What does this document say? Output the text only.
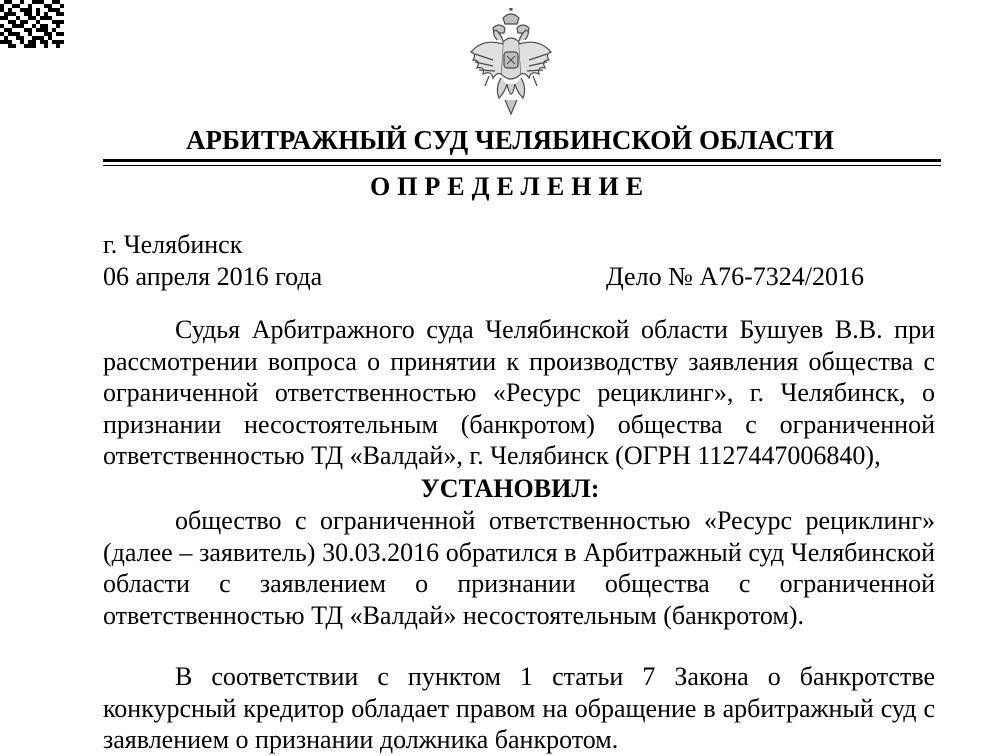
АРБИТРАЖНЫЙ СУД ЧЕЛЯБИНСКОЙ ОБЛАСТИ
ОПРЕДЕЛЕНИЕ
г. Челябинск
06 апреля 2016 года	Дело № А76-7324/2016

Судья Арбитражного суда Челябинской области Бушуев В.В. при рассмотрении вопроса о принятии к производству заявления общества с ограниченной ответственностью «Ресурс рециклинг», г. Челябинск, о признании несостоятельным (банкротом) общества с ограниченной ответственностью ТД «Валдай», г. Челябинск (ОГРН 1127447006840),

УСТАНОВИЛ:

общество с ограниченной ответственностью «Ресурс рециклинг» (далее – заявитель) 30.03.2016 обратился в Арбитражный суд Челябинской области с заявлением о признании общества с ограниченной ответственностью ТД «Валдай» несостоятельным (банкротом).

В соответствии с пунктом 1 статьи 7 Закона о банкротстве конкурсный кредитор обладает правом на обращение в арбитражный суд с заявлением о признании должника банкротом.
